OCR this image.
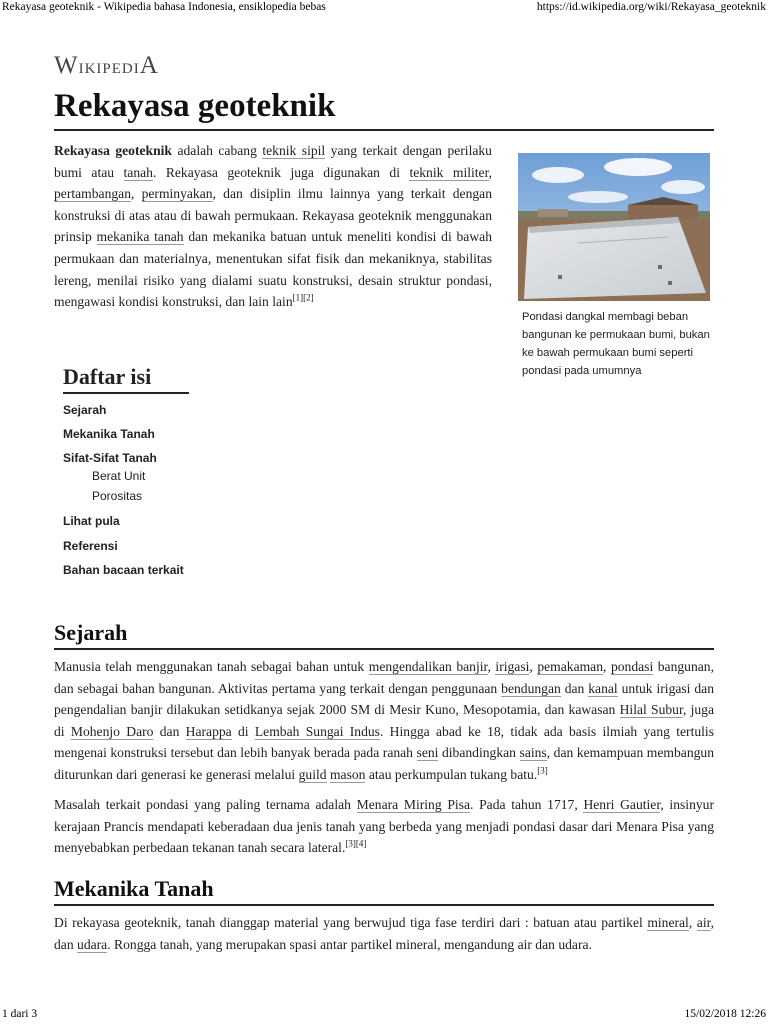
Rekayasa geoteknik - Wikipedia bahasa Indonesia, ensiklopedia bebas	https://id.wikipedia.org/wiki/Rekayasa_geoteknik
WikipediA
Rekayasa geoteknik

Rekayasa geoteknik adalah cabang teknik sipil yang terkait dengan perilaku bumi atau tanah. Rekayasa geoteknik juga digunakan di teknik militer, pertambangan, perminyakan, dan disiplin ilmu lainnya yang terkait dengan konstruksi di atas atau di bawah permukaan. Rekayasa geoteknik menggunakan prinsip mekanika tanah dan mekanika batuan untuk meneliti kondisi di bawah permukaan dan materialnya, menentukan sifat fisik dan mekaniknya, stabilitas lereng, menilai risiko yang dialami suatu konstruksi, desain struktur pondasi, mengawasi kondisi konstruksi, dan lain lain[1][2]

Pondasi dangkal membagi beban bangunan ke permukaan bumi, bukan ke bawah permukaan bumi seperti pondasi pada umumnya
Daftar isi
Sejarah
Mekanika Tanah
Sifat-Sifat Tanah
Berat Unit
Porositas
Lihat pula
Referensi
Bahan bacaan terkait
Sejarah

Manusia telah menggunakan tanah sebagai bahan untuk mengendalikan banjir, irigasi, pemakaman, pondasi bangunan, dan sebagai bahan bangunan. Aktivitas pertama yang terkait dengan penggunaan bendungan dan kanal untuk irigasi dan pengendalian banjir dilakukan setidkanya sejak 2000 SM di Mesir Kuno, Mesopotamia, dan kawasan Hilal Subur, juga di Mohenjo Daro dan Harappa di Lembah Sungai Indus. Hingga abad ke 18, tidak ada basis ilmiah yang tertulis mengenai konstruksi tersebut dan lebih banyak berada pada ranah seni dibandingkan sains, dan kemampuan membangun diturunkan dari generasi ke generasi melalui guild mason atau perkumpulan tukang batu.[3]

Masalah terkait pondasi yang paling ternama adalah Menara Miring Pisa. Pada tahun 1717, Henri Gautier, insinyur kerajaan Prancis mendapati keberadaan dua jenis tanah yang berbeda yang menjadi pondasi dasar dari Menara Pisa yang menyebabkan perbedaan tekanan tanah secara lateral.[3][4]

Mekanika Tanah

Di rekayasa geoteknik, tanah dianggap material yang berwujud tiga fase terdiri dari : batuan atau partikel mineral, air, dan udara. Rongga tanah, yang merupakan spasi antar partikel mineral, mengandung air dan udara.

1 dari 3	15/02/2018 12:26
